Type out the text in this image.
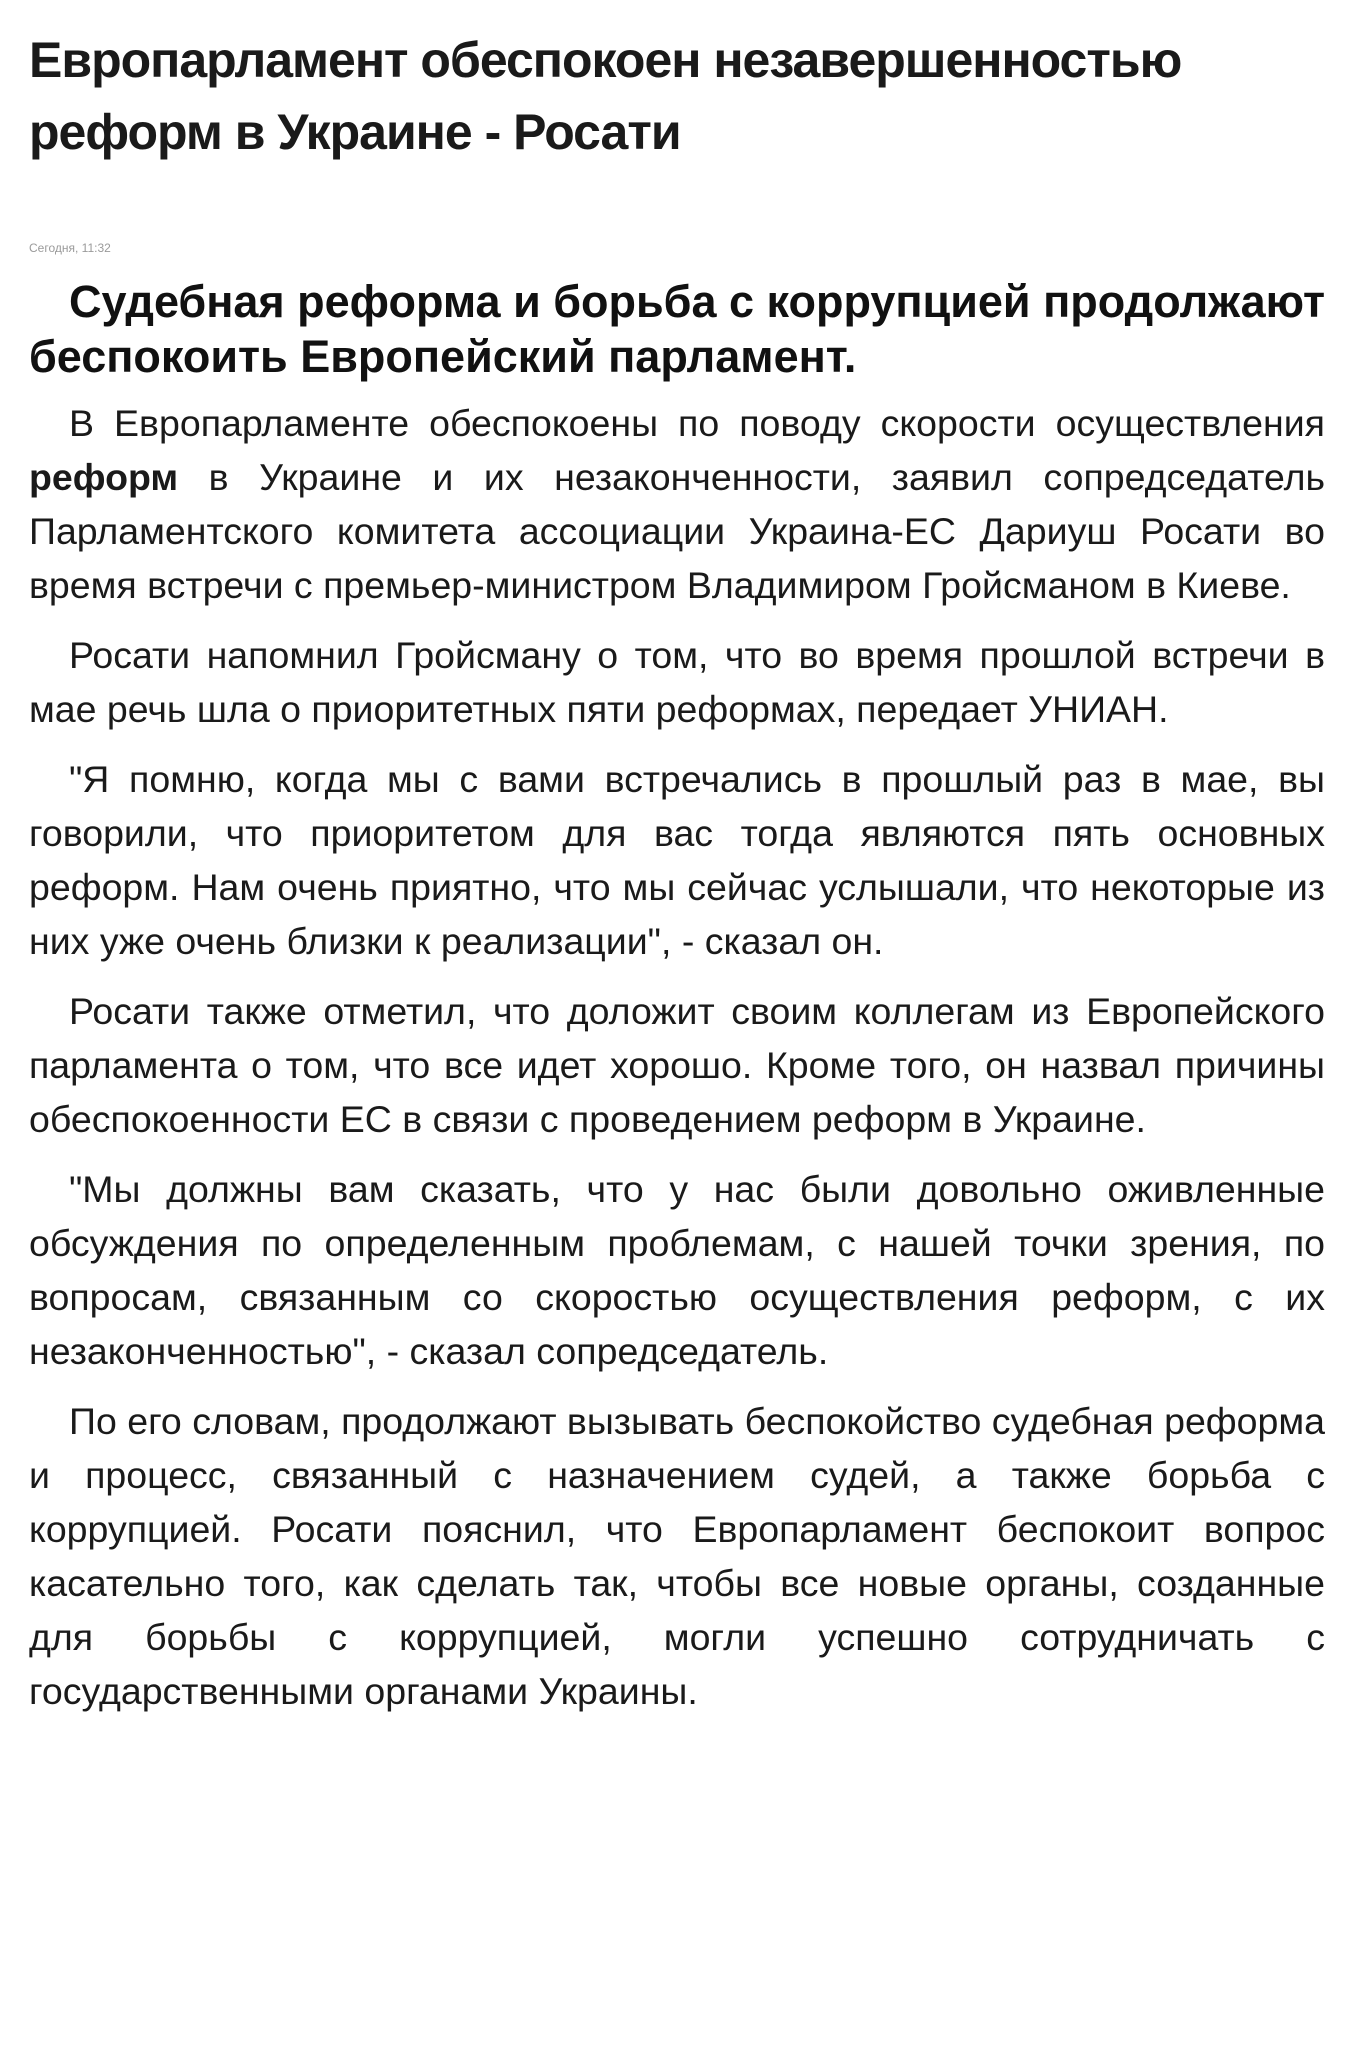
Европарламент обеспокоен незавершенностью реформ в Украине - Росати
Сегодня, 11:32

Судебная реформа и борьба с коррупцией продолжают беспокоить Европейский парламент.

В Европарламенте обеспокоены по поводу скорости осуществления реформ в Украине и их незаконченности, заявил сопредседатель Парламентского комитета ассоциации Украина-ЕС Дариуш Росати во время встречи с премьер-министром Владимиром Гройсманом в Киеве.

Росати напомнил Гройсману о том, что во время прошлой встречи в мае речь шла о приоритетных пяти реформах, передает УНИАН.

"Я помню, когда мы с вами встречались в прошлый раз в мае, вы говорили, что приоритетом для вас тогда являются пять основных реформ. Нам очень приятно, что мы сейчас услышали, что некоторые из них уже очень близки к реализации", - сказал он.

Росати также отметил, что доложит своим коллегам из Европейского парламента о том, что все идет хорошо. Кроме того, он назвал причины обеспокоенности ЕС в связи с проведением реформ в Украине.

"Мы должны вам сказать, что у нас были довольно оживленные обсуждения по определенным проблемам, с нашей точки зрения, по вопросам, связанным со скоростью осуществления реформ, с их незаконченностью", - сказал сопредседатель.

По его словам, продолжают вызывать беспокойство судебная реформа и процесс, связанный с назначением судей, а также борьба с коррупцией. Росати пояснил, что Европарламент беспокоит вопрос касательно того, как сделать так, чтобы все новые органы, созданные для борьбы с коррупцией, могли успешно сотрудничать с государственными органами Украины.
